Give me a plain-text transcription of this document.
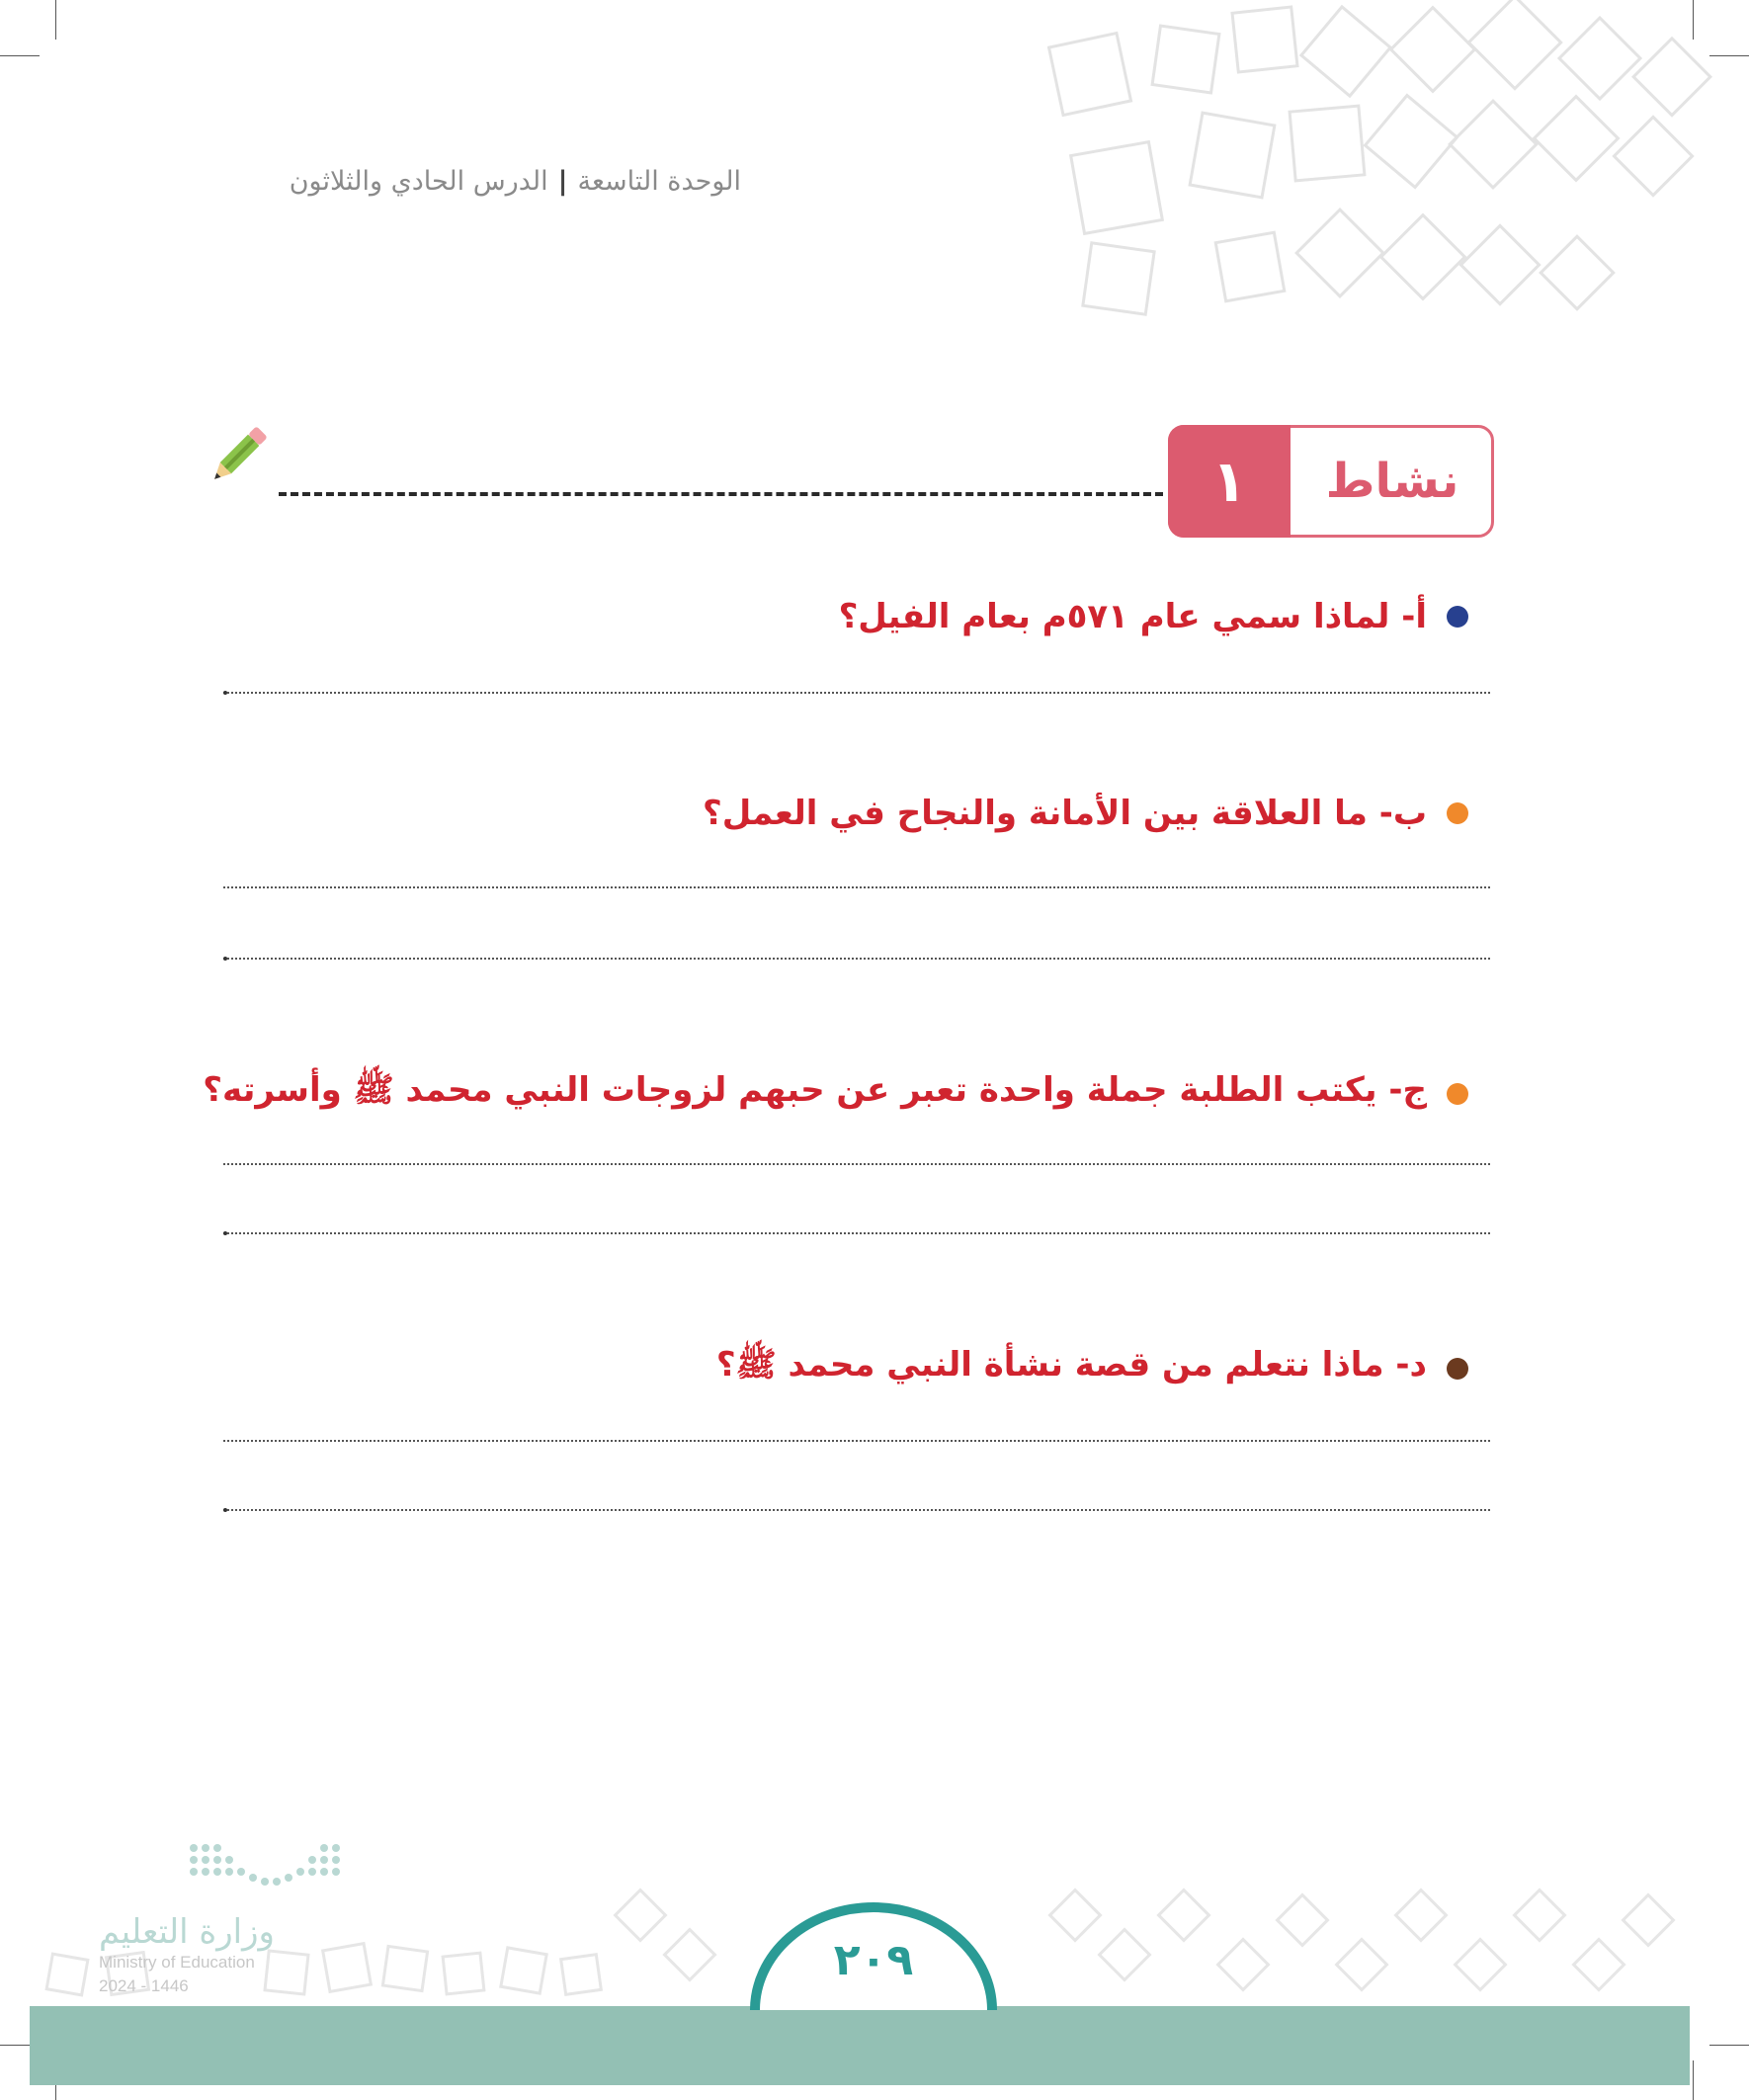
الوحدة التاسعة|الدرس الحادي والثلاثون
١	نشاط
أ- لماذا سمي عام ٥٧١م بعام الفيل؟
ب- ما العلاقة بين الأمانة والنجاح في العمل؟
ج- يكتب الطلبة جملة واحدة تعبر عن حبهم لزوجات النبي محمد ﷺ وأسرته؟
د- ماذا نتعلم من قصة نشأة النبي محمد ﷺ؟
٢٠٩
وزارة التعليم
Ministry of Education
2024 - 1446
